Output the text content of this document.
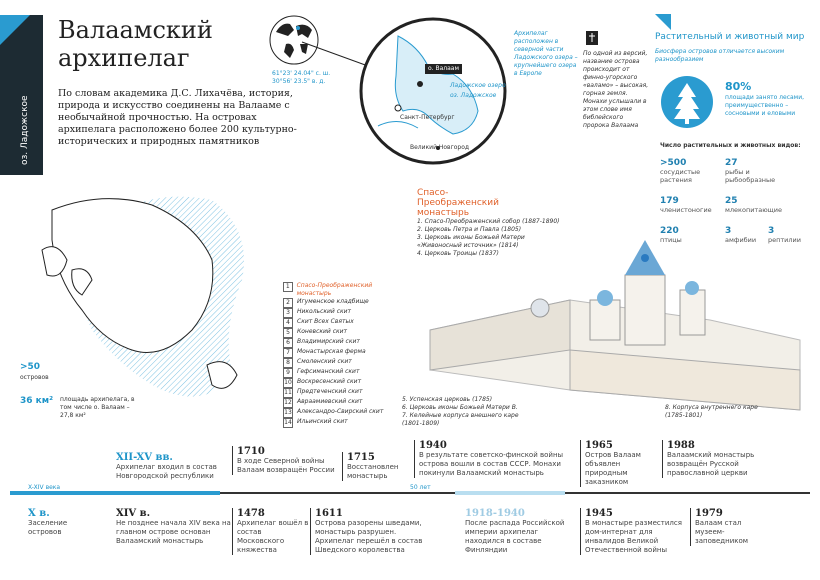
оз. Ладожское
Валаамский
архипелаг
По словам академика Д.С. Лихачёва, история, природа и искусство соединены на Валааме с необычайной прочностью. На островах архипелага расположено более 200 культурно-исторических и природных памятников
61°23' 24.04" с. ш.
30°56' 23.5" в. д.
о. Валаам
Ладожское озеро
оз. Ладожское
Санкт-Петербург
Великий Новгород
Архипелаг расположен в северной части Ладожского озера – крупнейшего озера в Европе
По одной из версий, название острова происходит от финно-угорского «валамо» – высокая, горная земля. Монахи услышали в этом слове имя библейского пророка Валаама
Растительный и животный мир
Биосфера островов отличается высоким разнообразием
80%
площади занято лесами, преимущественно – сосновыми и еловыми
Число растительных и животных видов:
>500
сосудистые растения
27
рыбы и рыбообразные
179
членистоногие
25
млекопитающие
220
птицы
3
амфибии
3
рептилии
>50
островов
36 км² площадь архипелага, в том числе о. Валаам – 27,8 км²
1	Спасо-Преображенский монастырь
2	Игуменское кладбище
3	Никольский скит
4	Скит Всех Святых
5	Коневский скит
6	Владимирский скит
7	Монастырская ферма
8	Смоленский скит
9	Гефсиманский скит
10 Воскресенский скит
11 Предтеченский скит
12 Авраамиевский скит
13 Александро-Свирский скит
14 Ильинский скит
Спасо-Преображенский монастырь
1. Спасо-Преображенский собор (1887-1890)
2. Церковь Петра и Павла (1805)
3. Церковь иконы Божьей Матери «Живоносный источник» (1814)
4. Церковь Троицы (1837)
5. Успенская церковь (1785)
6. Церковь иконы Божьей Матери В.
7. Келейные корпуса внешнего каре (1801-1809)
8. Корпуса внутреннего каре (1785-1801)
X-XIV века	50 лет
XII-XV вв.
Архипелаг входил в состав Новгородской республики
1710
В ходе Северной войны Валаам возвращён России
1715
Восстановлен монастырь
1940
В результате советско-финской войны острова вошли в состав СССР. Монахи покинули Валаамский монастырь
1965
Остров Валаам объявлен природным заказником
1988
Валаамский монастырь возвращён Русской православной церкви
X в.
Заселение островов
XIV в.
Не позднее начала XIV века на главном острове основан Валаамский монастырь
1478
Архипелаг вошёл в состав Московского княжества
1611
Острова разорены шведами, монастырь разрушен. Архипелаг перешёл в состав Шведского королевства
1918-1940
После распада Российской империи архипелаг находился в составе Финляндии
1945
В монастыре разместился дом-интернат для инвалидов Великой Отечественной войны
1979
Валаам стал музеем-заповедником
